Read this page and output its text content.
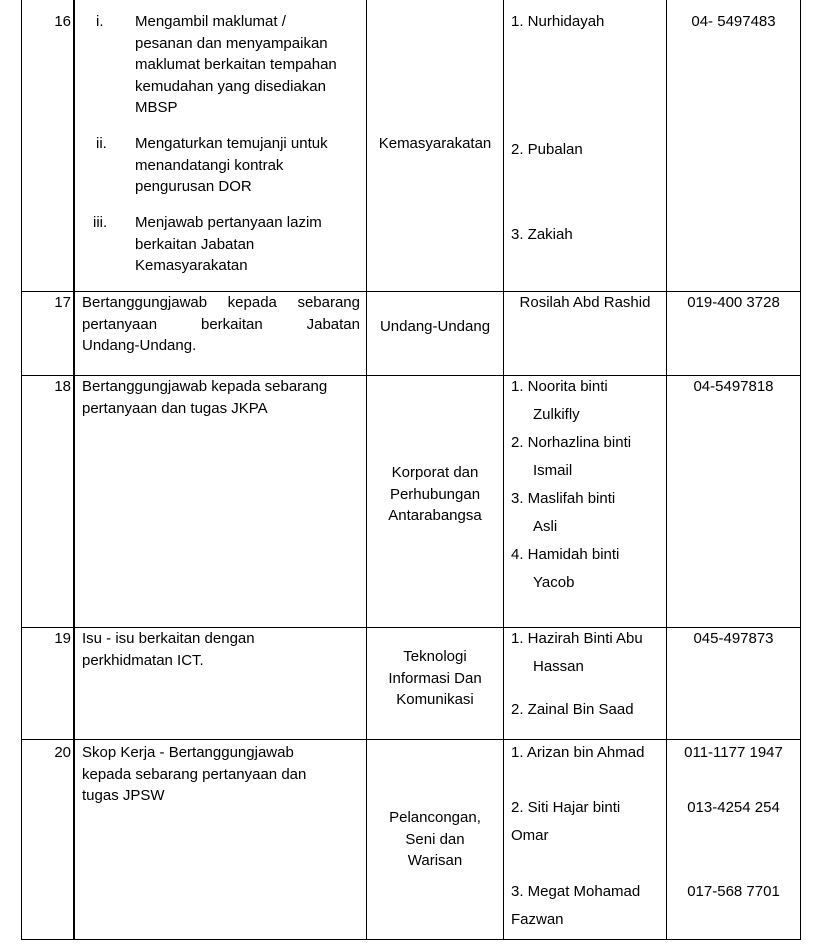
16 i. Mengambil maklumat /
pesanan dan menyampaikan
maklumat berkaitan tempahan
kemudahan yang disediakan
MBSP
ii. Mengaturkan temujanji untuk
menandatangi kontrak
pengurusan DOR
iii. Menjawab pertanyaan lazim
berkaitan Jabatan
Kemasyarakatan
Kemasyarakatan
1. Nurhidayah
2. Pubalan
3. Zakiah
04- 5497483
17 Bertanggungjawab kepada sebarang
pertanyaan berkaitan Jabatan
Undang-Undang.
Undang-Undang
Rosilah Abd Rashid	019-400 3728
18 Bertanggungjawab kepada sebarang
pertanyaan dan tugas JKPA
Korporat dan
Perhubungan
Antarabangsa
1. Noorita binti
Zulkifly
2. Norhazlina binti
Ismail
3. Maslifah binti
Asli
4. Hamidah binti
Yacob
04-5497818
19 Isu - isu berkaitan dengan
perkhidmatan ICT.	Teknologi
Informasi Dan
Komunikasi
1. Hazirah Binti Abu
Hassan
2. Zainal Bin Saad
045-497873
20 Skop Kerja - Bertanggungjawab
kepada sebarang pertanyaan dan
tugas JPSW
Pelancongan,
Seni dan
Warisan
1. Arizan bin Ahmad
2. Siti Hajar binti
Omar
3. Megat Mohamad
Fazwan
011-1177 1947
013-4254 254
017-568 7701
